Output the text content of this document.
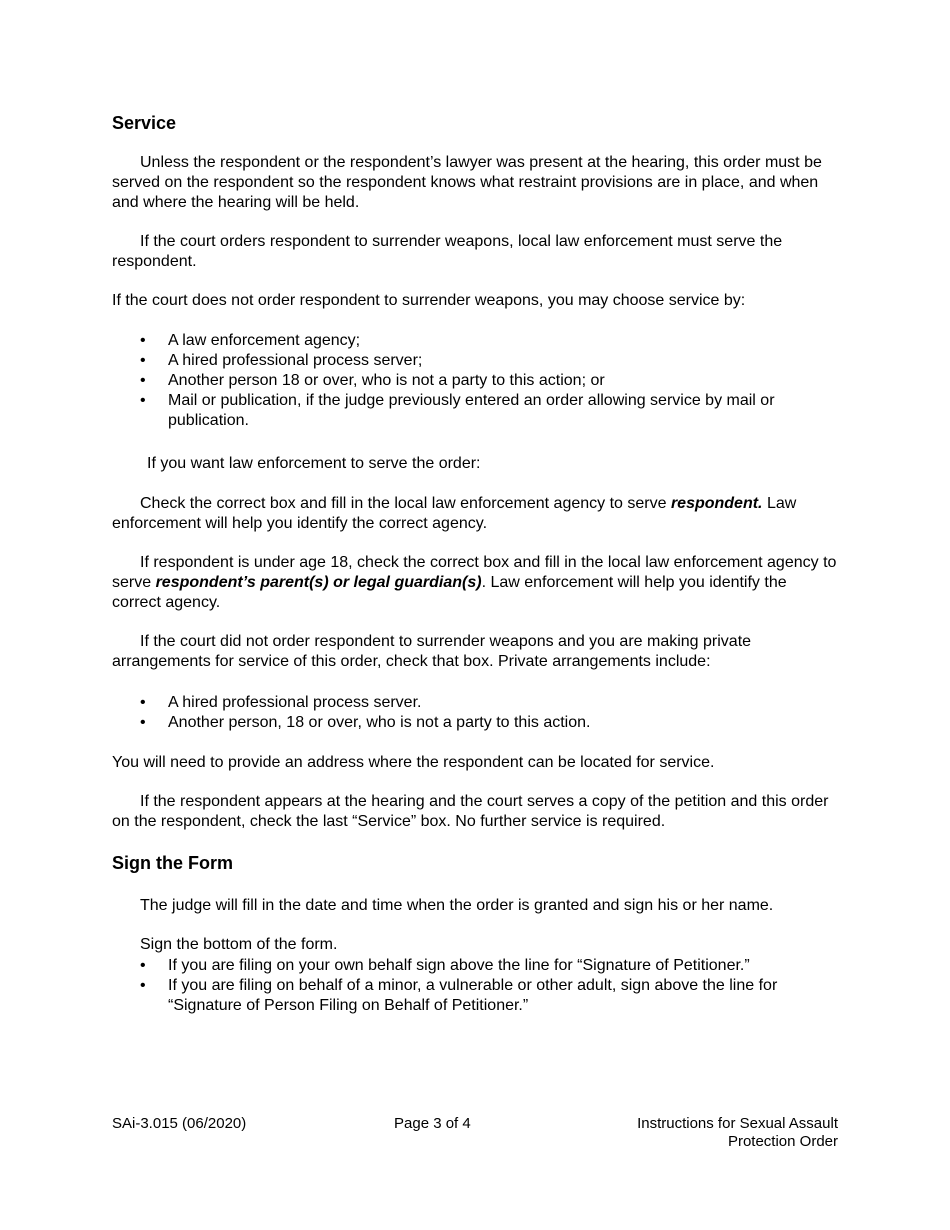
Service

Unless the respondent or the respondent’s lawyer was present at the hearing, this order must be served on the respondent so the respondent knows what restraint provisions are in place, and when and where the hearing will be held.

If the court orders respondent to surrender weapons, local law enforcement must serve the respondent.

If the court does not order respondent to surrender weapons, you may choose service by:

• A law enforcement agency;
• A hired professional process server;
• Another person 18 or over, who is not a party to this action; or
• Mail or publication, if the judge previously entered an order allowing service by mail or publication.

If you want law enforcement to serve the order:

Check the correct box and fill in the local law enforcement agency to serve respondent. Law enforcement will help you identify the correct agency.

If respondent is under age 18, check the correct box and fill in the local law enforcement agency to serve respondent’s parent(s) or legal guardian(s). Law enforcement will help you identify the correct agency.

If the court did not order respondent to surrender weapons and you are making private arrangements for service of this order, check that box. Private arrangements include:

• A hired professional process server.
• Another person, 18 or over, who is not a party to this action.

You will need to provide an address where the respondent can be located for service.

If the respondent appears at the hearing and the court serves a copy of the petition and this order on the respondent, check the last “Service” box. No further service is required.

Sign the Form

The judge will fill in the date and time when the order is granted and sign his or her name.

Sign the bottom of the form.

• If you are filing on your own behalf sign above the line for “Signature of Petitioner.”
• If you are filing on behalf of a minor, a vulnerable or other adult, sign above the line for “Signature of Person Filing on Behalf of Petitioner.”
SAi-3.015 (06/2020)	Page 3 of 4	Instructions for Sexual Assault
Protection Order
